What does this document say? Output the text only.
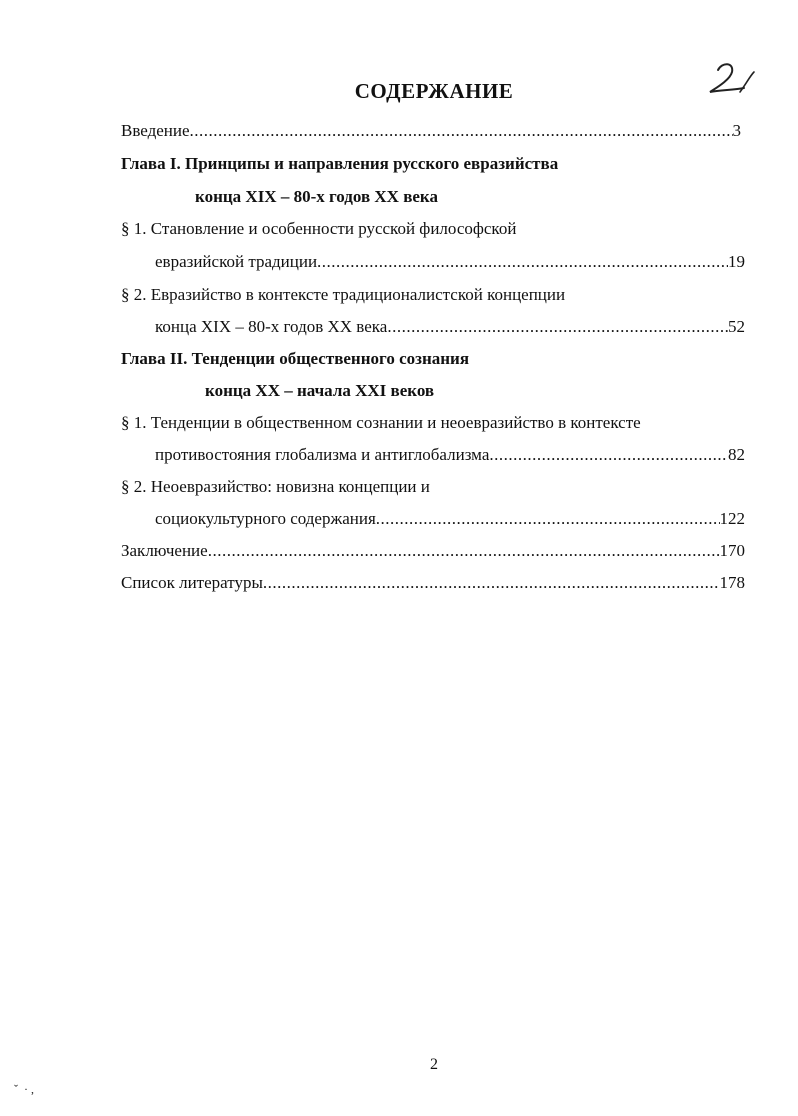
СОДЕРЖАНИЕ
Введение .....	3
Глава I. Принципы и направления русского евразийства
конца XIX – 80-х годов XX века
§ 1. Становление и особенности русской философской
евразийской традиции .....	19
§ 2. Евразийство в контексте традиционалистской концепции
конца XIX – 80-х годов XX века .....	52
Глава II. Тенденции общественного сознания
конца XX – начала XXI веков
§ 1. Тенденции в общественном сознании и неоевразийство в контексте
противостояния глобализма и антиглобализма .....	82
§ 2. Неоевразийство: новизна концепции и
социокультурного содержания .....	122
Заключение .....	170
Список литературы .....	178
2
ˇ  · ,
